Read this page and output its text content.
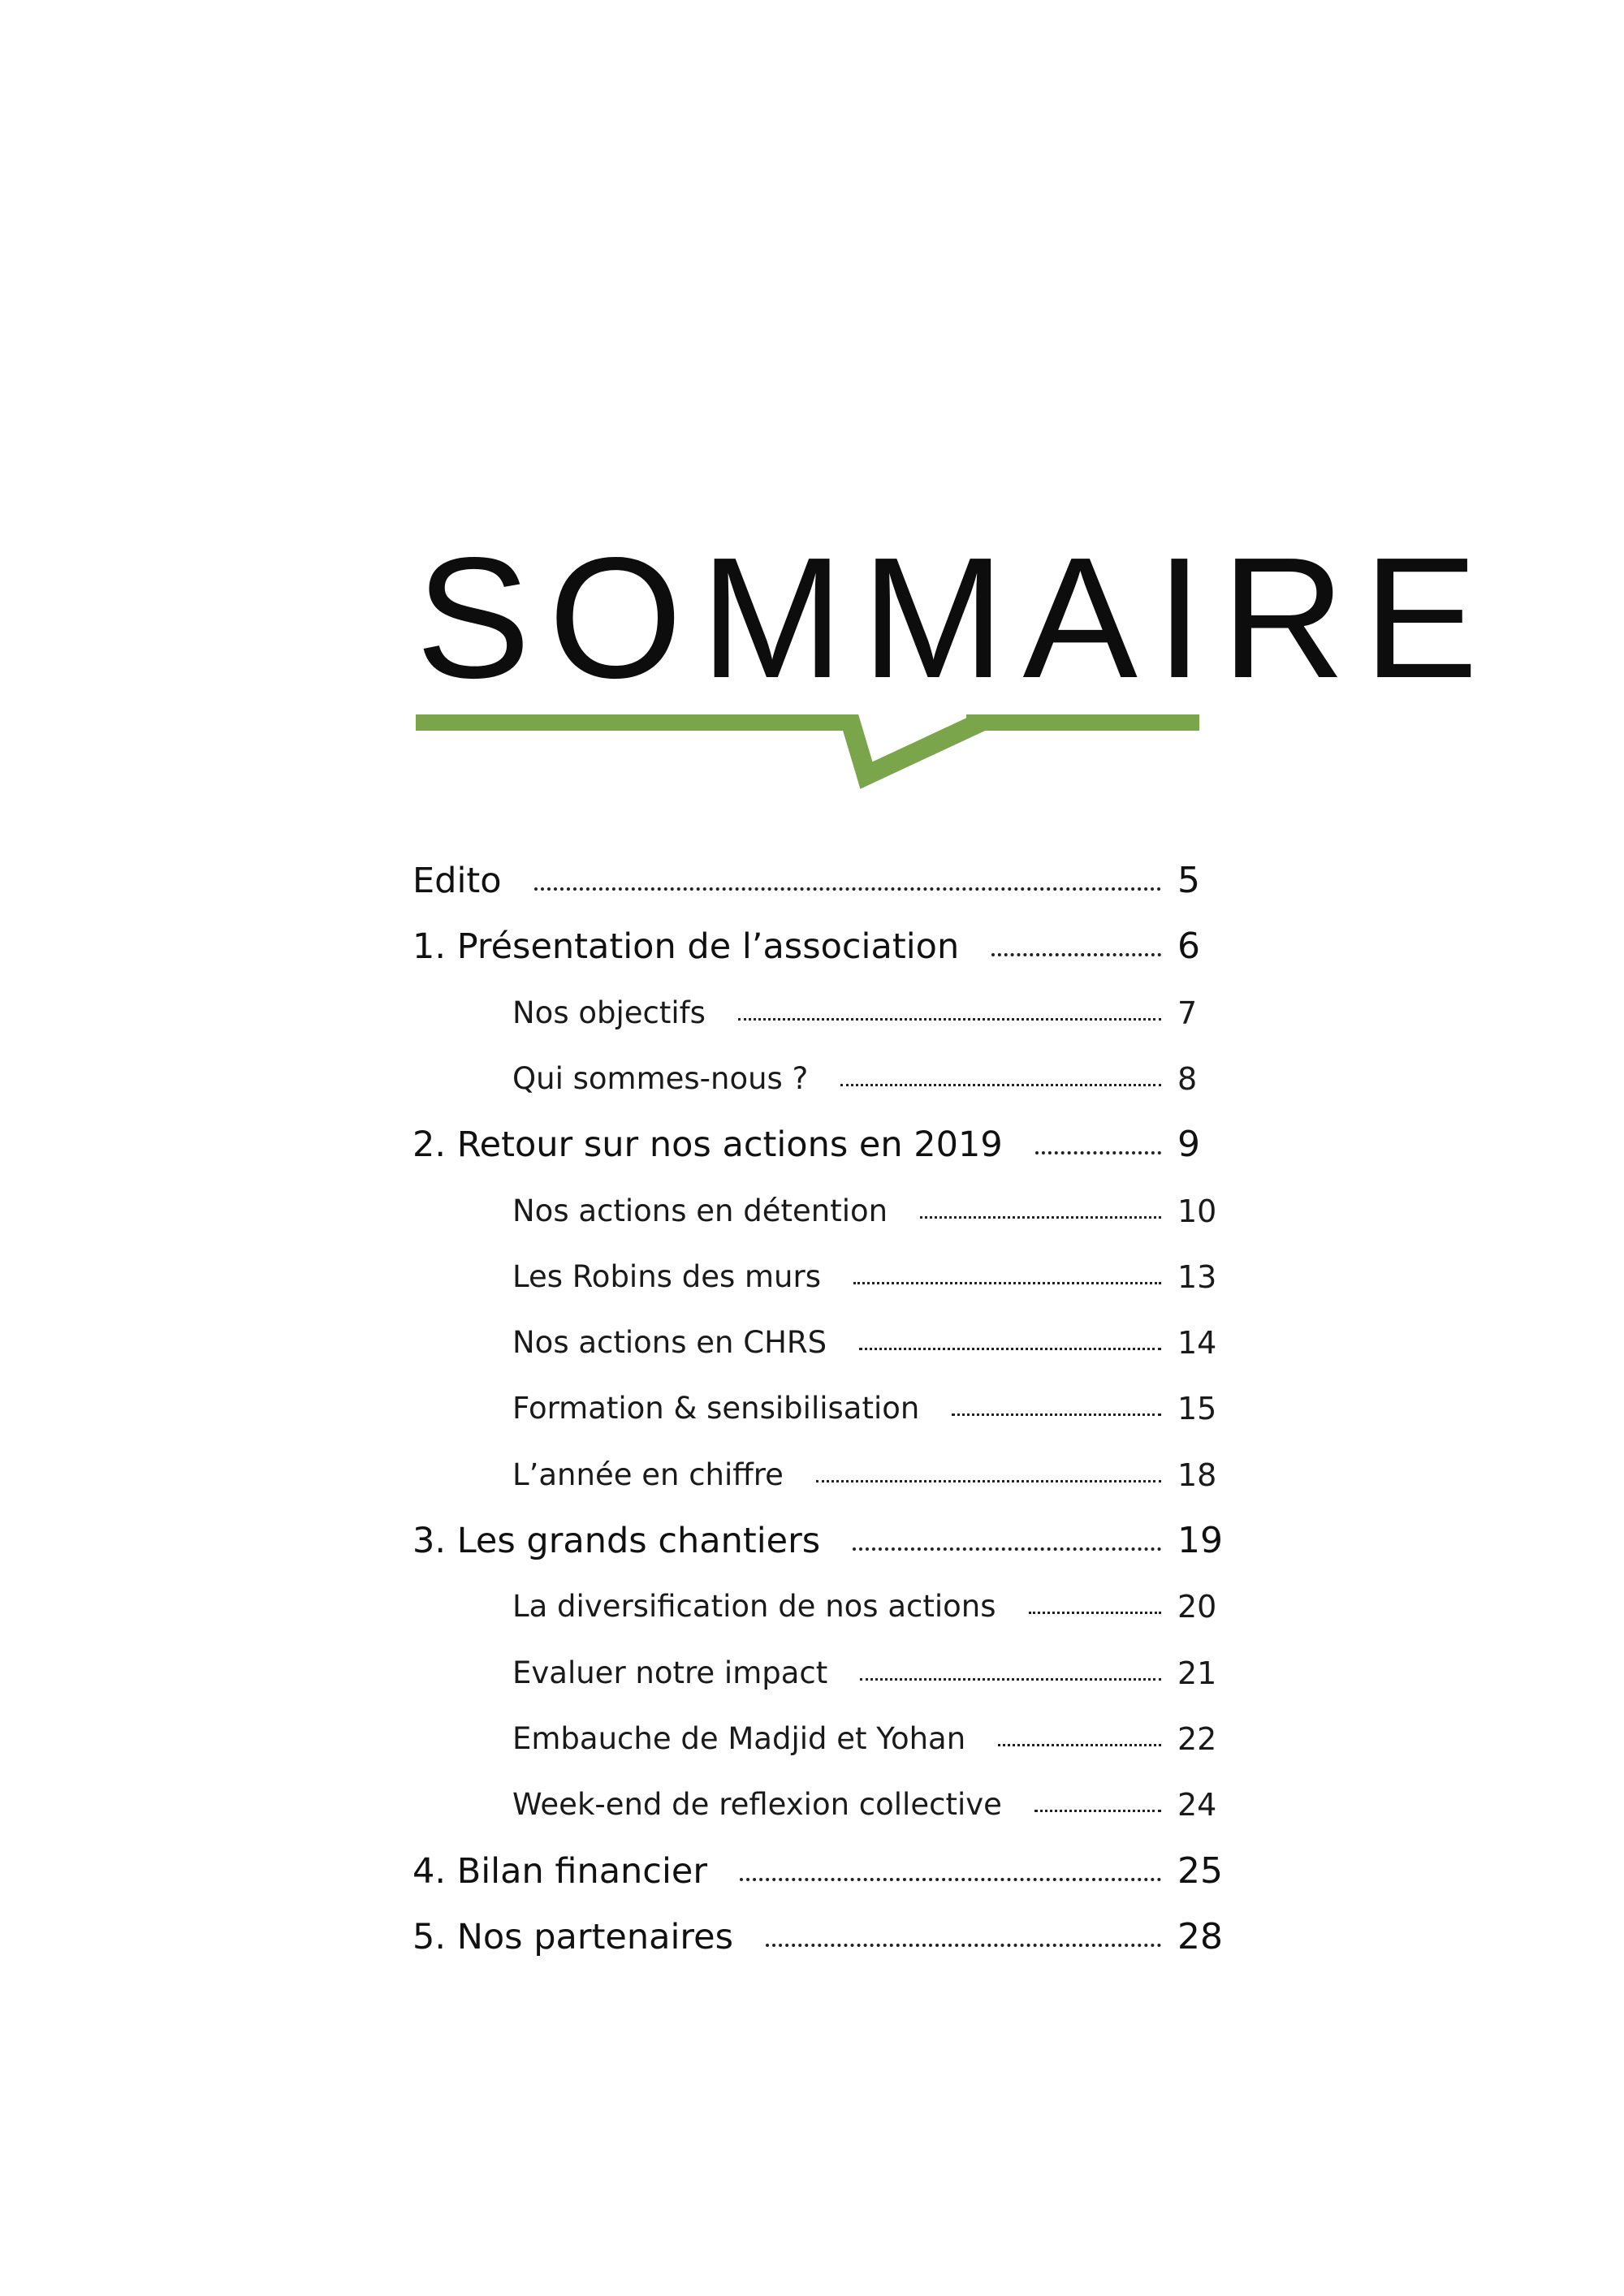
SOMMAIRE
Edito	5
1. Présentation de l’association	6
Nos objectifs	7
Qui sommes-nous ?	8
2. Retour sur nos actions en 2019	9
Nos actions en détention	10
Les Robins des murs	13
Nos actions en CHRS	14
Formation & sensibilisation	15
L’année en chiffre	18
3. Les grands chantiers	19
La diversification de nos actions	20
Evaluer notre impact	21
Embauche de Madjid et Yohan	22
Week-end de reflexion collective	24
4. Bilan financier	25
5. Nos partenaires	28
